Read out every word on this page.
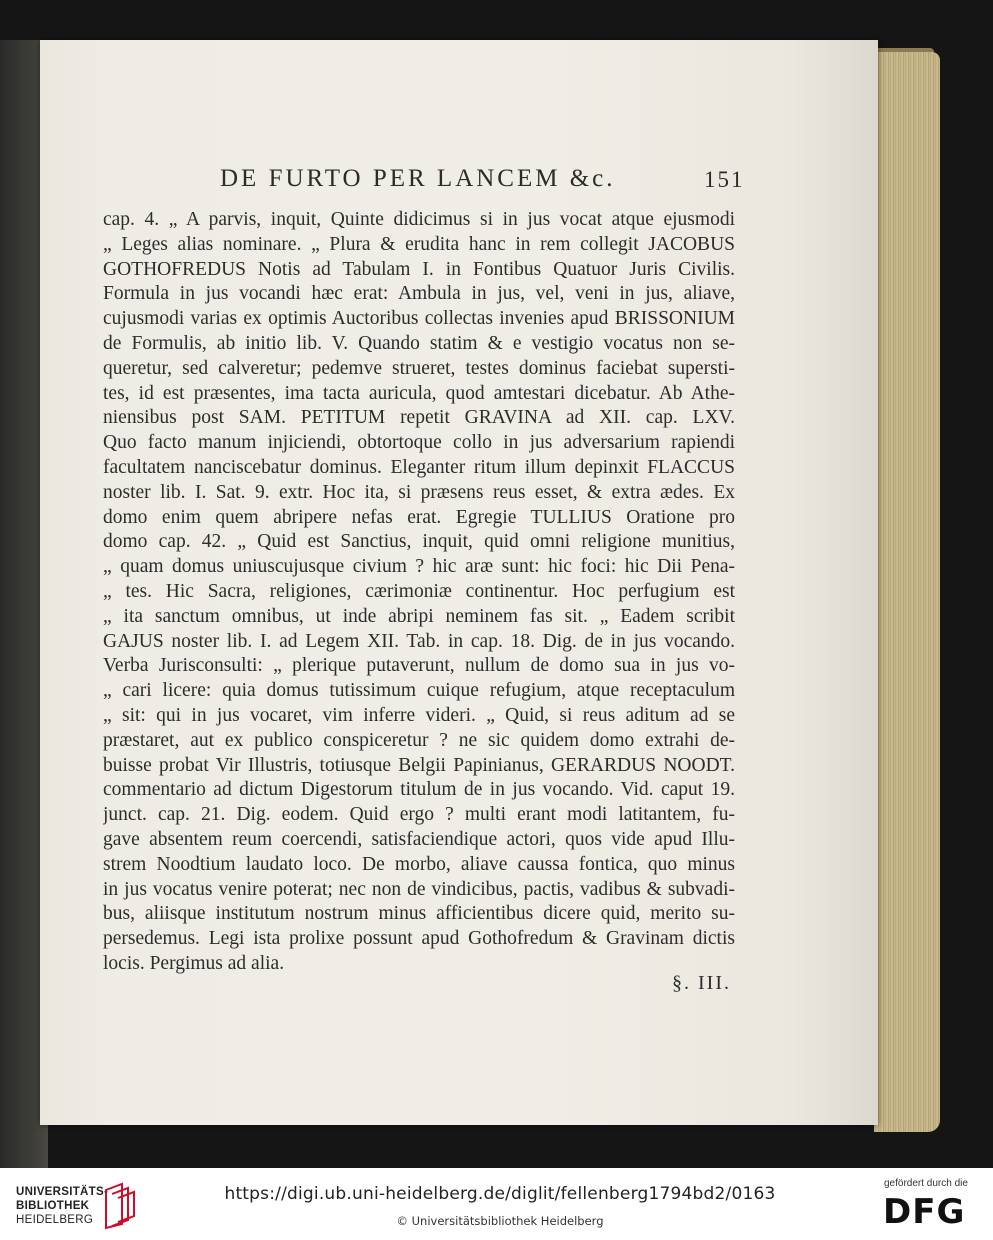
DE FURTO PER LANCEM &c.	151
cap. 4. „ A parvis, inquit, Quinte didicimus si in jus vocat atque ejusmodi
„ Leges alias nominare. „ Plura & erudita hanc in rem collegit JACOBUS
GOTHOFREDUS Notis ad Tabulam I. in Fontibus Quatuor Juris Civilis.
Formula in jus vocandi hæc erat: Ambula in jus, vel, veni in jus, aliave,
cujusmodi varias ex optimis Auctoribus collectas invenies apud BRISSONIUM
de Formulis, ab initio lib. V. Quando statim & e vestigio vocatus non se-
queretur, sed calveretur; pedemve strueret, testes dominus faciebat supersti-
tes, id est præsentes, ima tacta auricula, quod amtestari dicebatur. Ab Athe-
niensibus post SAM. PETITUM repetit GRAVINA ad XII. cap. LXV.
Quo facto manum injiciendi, obtortoque collo in jus adversarium rapiendi
facultatem nanciscebatur dominus. Eleganter ritum illum depinxit FLACCUS
noster lib. I. Sat. 9. extr. Hoc ita, si præsens reus esset, & extra ædes. Ex
domo enim quem abripere nefas erat. Egregie TULLIUS Oratione pro
domo cap. 42. „ Quid est Sanctius, inquit, quid omni religione munitius,
„ quam domus uniuscujusque civium ? hic aræ sunt: hic foci: hic Dii Pena-
„ tes. Hic Sacra, religiones, cærimoniæ continentur. Hoc perfugium est
„ ita sanctum omnibus, ut inde abripi neminem fas sit. „ Eadem scribit
GAJUS noster lib. I. ad Legem XII. Tab. in cap. 18. Dig. de in jus vocando.
Verba Jurisconsulti: „ plerique putaverunt, nullum de domo sua in jus vo-
„ cari licere: quia domus tutissimum cuique refugium, atque receptaculum
„ sit: qui in jus vocaret, vim inferre videri. „ Quid, si reus aditum ad se
præstaret, aut ex publico conspiceretur ? ne sic quidem domo extrahi de-
buisse probat Vir Illustris, totiusque Belgii Papinianus, GERARDUS NOODT.
commentario ad dictum Digestorum titulum de in jus vocando. Vid. caput 19.
junct. cap. 21. Dig. eodem. Quid ergo ? multi erant modi latitantem, fu-
gave absentem reum coercendi, satisfaciendique actori, quos vide apud Illu-
strem Noodtium laudato loco. De morbo, aliave caussa fontica, quo minus
in jus vocatus venire poterat; nec non de vindicibus, pactis, vadibus & subvadi-
bus, aliisque institutum nostrum minus afficientibus dicere quid, merito su-
persedemus. Legi ista prolixe possunt apud Gothofredum & Gravinam dictis
locis. Pergimus ad alia.
§. III.
UNIVERSITÄTS-
BIBLIOTHEK
HEIDELBERG
https://digi.ub.uni-heidelberg.de/diglit/fellenberg1794bd2/0163
© Universitätsbibliothek Heidelberg
gefördert durch die
DFG
